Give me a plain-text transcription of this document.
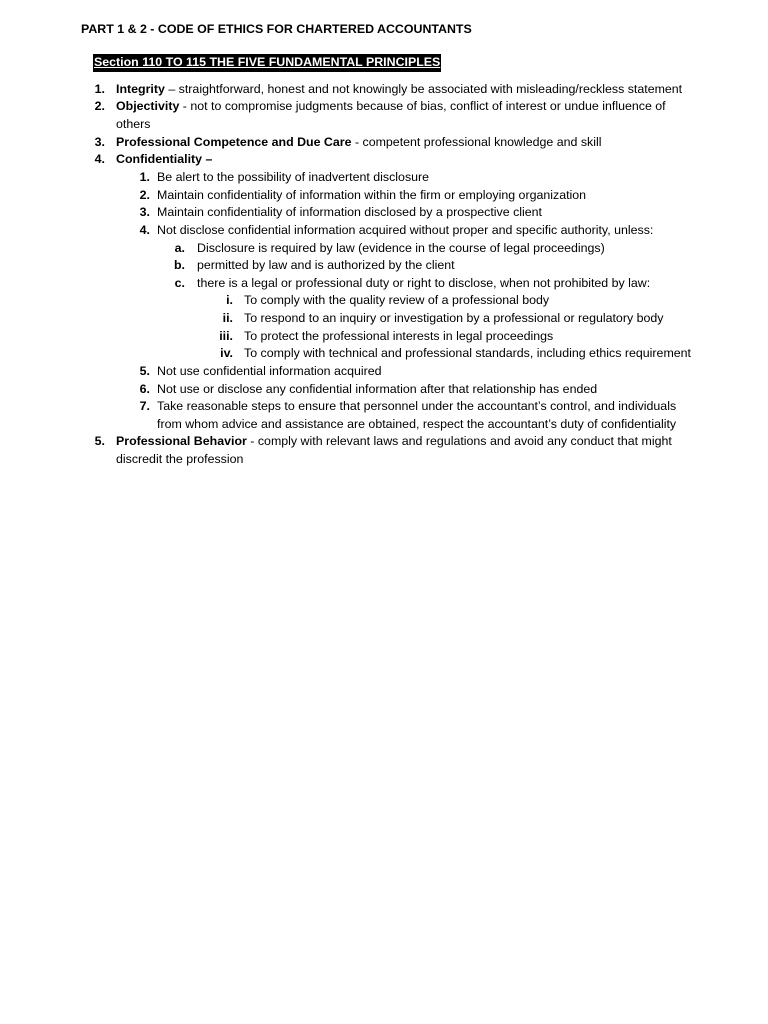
PART 1 & 2 - CODE OF ETHICS FOR CHARTERED ACCOUNTANTS
Section 110 TO 115 THE FIVE FUNDAMENTAL PRINCIPLES
1. Integrity – straightforward, honest and not knowingly be associated with misleading/reckless statement
2. Objectivity - not to compromise judgments because of bias, conflict of interest or undue influence of
others
3. Professional Competence and Due Care - competent professional knowledge and skill
4. Confidentiality –
1. Be alert to the possibility of inadvertent disclosure
2. Maintain confidentiality of information within the firm or employing organization
3. Maintain confidentiality of information disclosed by a prospective client
4. Not disclose confidential information acquired without proper and specific authority, unless:
a. Disclosure is required by law (evidence in the course of legal proceedings)
b. permitted by law and is authorized by the client
c. there is a legal or professional duty or right to disclose, when not prohibited by law:
i. To comply with the quality review of a professional body
ii. To respond to an inquiry or investigation by a professional or regulatory body
iii. To protect the professional interests in legal proceedings
iv. To comply with technical and professional standards, including ethics requirement
5. Not use confidential information acquired
6. Not use or disclose any confidential information after that relationship has ended
7. Take reasonable steps to ensure that personnel under the accountant’s control, and individuals
from whom advice and assistance are obtained, respect the accountant’s duty of confidentiality
5. Professional Behavior - comply with relevant laws and regulations and avoid any conduct that might
discredit the profession
